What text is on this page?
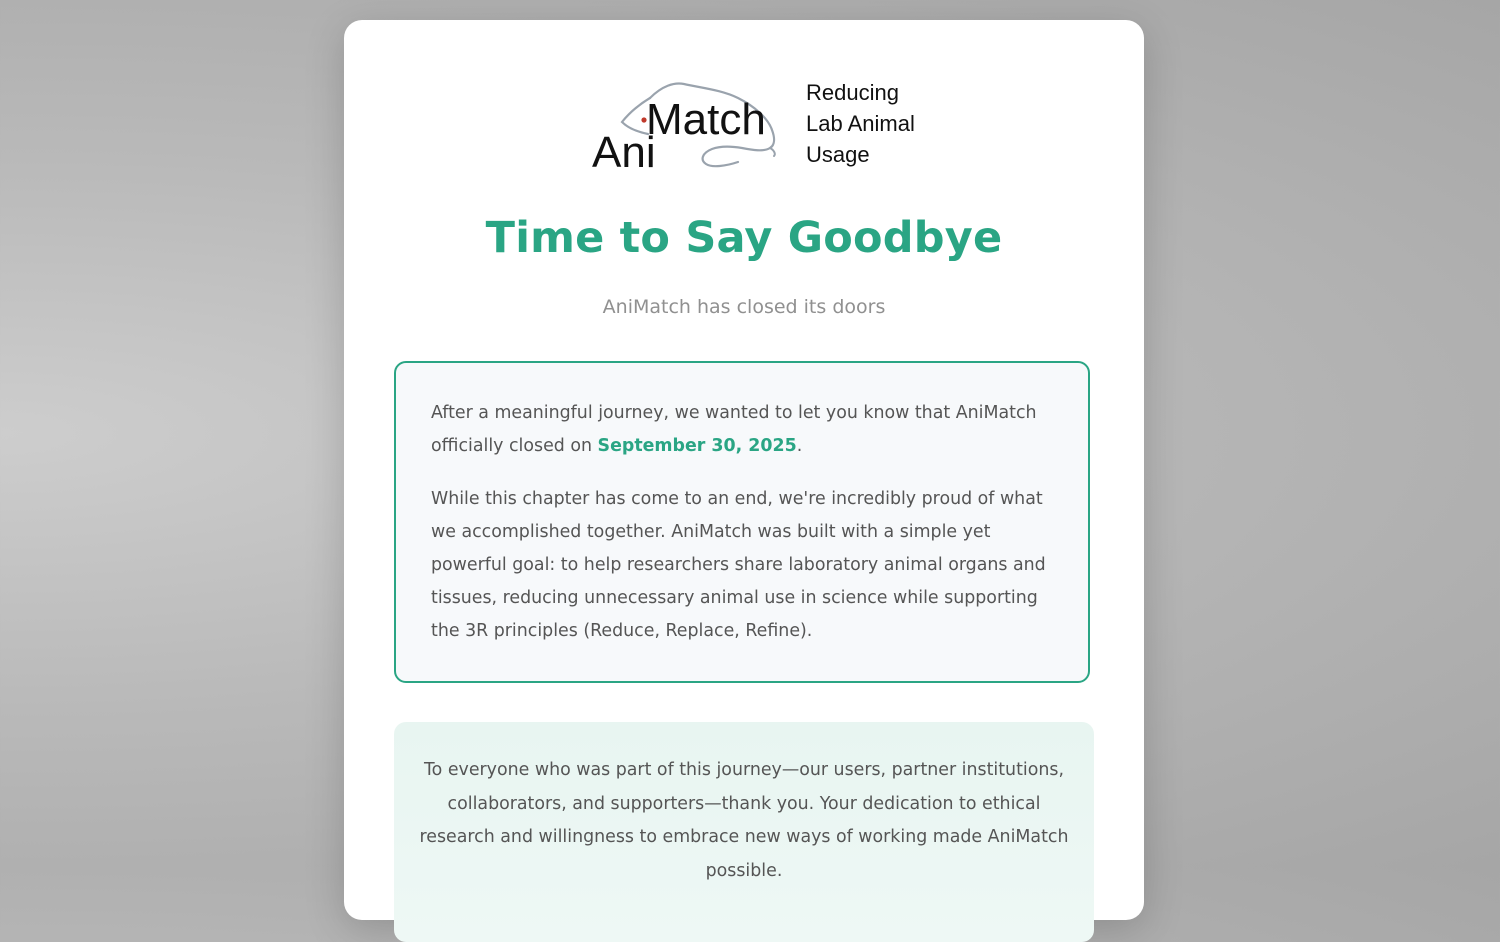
Ani
Match
Reducing
Lab Animal
Usage
Time to Say Goodbye

AniMatch has closed its doors

After a meaningful journey, we wanted to let you know that AniMatch officially closed on September 30, 2025.

While this chapter has come to an end, we're incredibly proud of what we accomplished together. AniMatch was built with a simple yet powerful goal: to help researchers share laboratory animal organs and tissues, reducing unnecessary animal use in science while supporting the 3R principles (Reduce, Replace, Refine).

To everyone who was part of this journey—our users, partner institutions, collaborators, and supporters—thank you. Your dedication to ethical research and willingness to embrace new ways of working made AniMatch possible.
